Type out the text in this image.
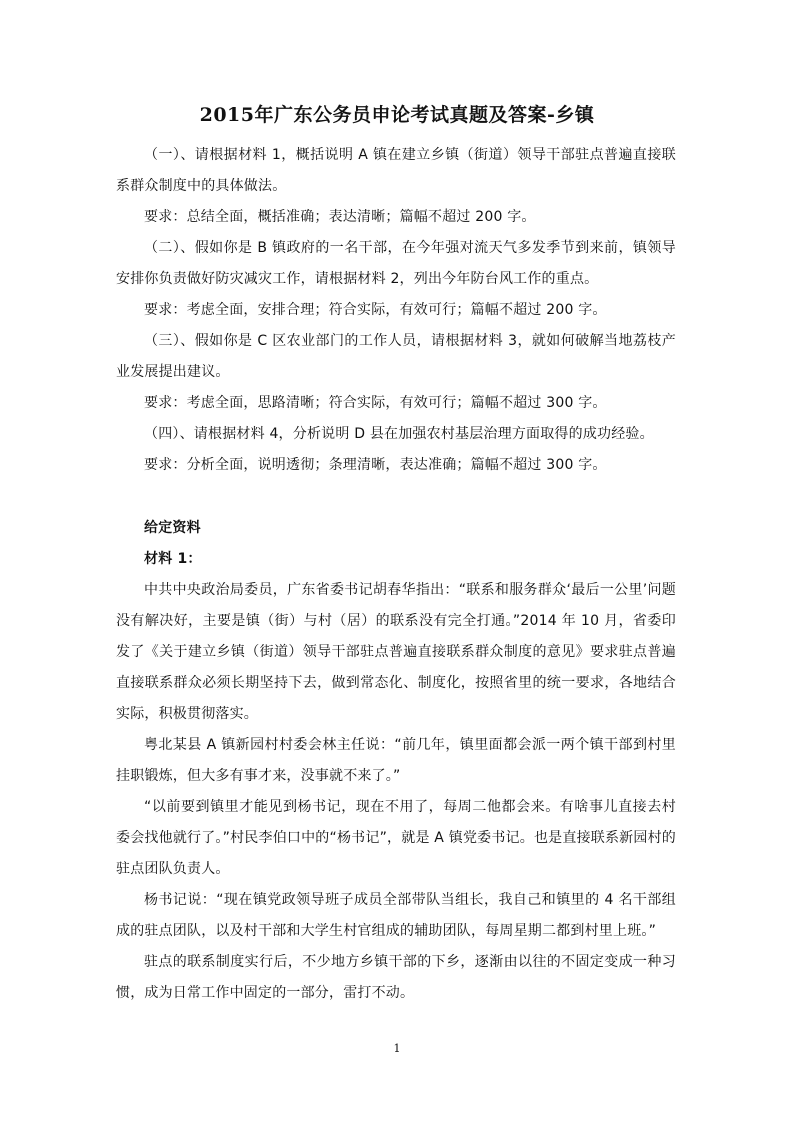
2015年广东公务员申论考试真题及答案-乡镇

（一）、请根据材料 1，概括说明 A 镇在建立乡镇（街道）领导干部驻点普遍直接联系群众制度中的具体做法。

要求：总结全面，概括准确；表达清晰；篇幅不超过 200 字。

（二）、假如你是 B 镇政府的一名干部，在今年强对流天气多发季节到来前，镇领导安排你负责做好防灾减灾工作，请根据材料 2，列出今年防台风工作的重点。

要求：考虑全面，安排合理；符合实际，有效可行；篇幅不超过 200 字。

（三）、假如你是 C 区农业部门的工作人员，请根据材料 3，就如何破解当地荔枝产业发展提出建议。

要求：考虑全面，思路清晰；符合实际，有效可行；篇幅不超过 300 字。

（四）、请根据材料 4，分析说明 D 县在加强农村基层治理方面取得的成功经验。

要求：分析全面，说明透彻；条理清晰，表达准确；篇幅不超过 300 字。

给定资料

材料 1：

中共中央政治局委员，广东省委书记胡春华指出：“联系和服务群众‘最后一公里’问题没有解决好，主要是镇（街）与村（居）的联系没有完全打通。”2014 年 10 月，省委印发了《关于建立乡镇（街道）领导干部驻点普遍直接联系群众制度的意见》要求驻点普遍直接联系群众必须长期坚持下去，做到常态化、制度化，按照省里的统一要求，各地结合实际，积极贯彻落实。

粤北某县 A 镇新园村村委会林主任说：“前几年，镇里面都会派一两个镇干部到村里挂职锻炼，但大多有事才来，没事就不来了。”

“以前要到镇里才能见到杨书记，现在不用了，每周二他都会来。有啥事儿直接去村委会找他就行了。”村民李伯口中的“杨书记”，就是 A 镇党委书记。也是直接联系新园村的驻点团队负责人。

杨书记说：“现在镇党政领导班子成员全部带队当组长，我自己和镇里的 4 名干部组成的驻点团队，以及村干部和大学生村官组成的辅助团队，每周星期二都到村里上班。”

驻点的联系制度实行后，不少地方乡镇干部的下乡，逐渐由以往的不固定变成一种习惯，成为日常工作中固定的一部分，雷打不动。

1
